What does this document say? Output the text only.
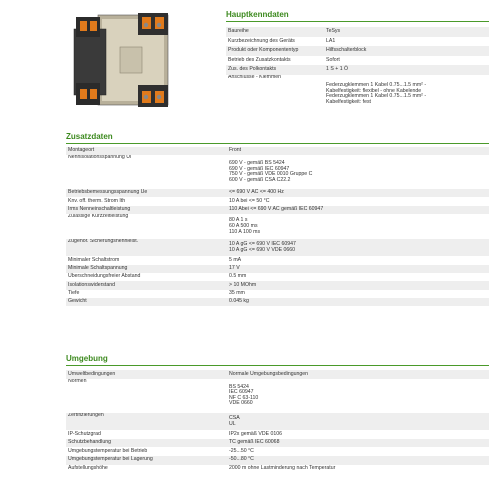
Hauptkenndaten
Baureihe	TeSys

Kurzbezeichnung des Geräts	LA1

Produkt oder Komponententyp	Hilfsschalterblock

Betrieb des Zusatzkontakts	Sofort

Zus. des Polkontakts	1 S + 1 Ö

Anschlüsse - Klemmen	Federzugklemmen 1 Kabel 0.75...1.5 mm² -
Kabelfestigkeit: flexibel - ohne Kabelende
Federzugklemmen 1 Kabel 0.75...1.5 mm² -
Kabelfestigkeit: fest
Zusatzdaten
Montageort	Front

Nennisolationsspannung Ui	690 V - gemäß BS 5424
690 V - gemäß IEC 60947
750 V - gemäß VDE 0010 Gruppe C
600 V - gemäß CSA C22.2

Betriebsbemessungsspannung Ue	<= 690 V AC <= 400 Hz

Knv. off. therm. Strom Ith	10 A bei <= 50 °C

Irms Nenneinschaltleistung	110 Abei <= 690 V AC gemäß IEC 60947

Zulässige Kurzzeitleistung	80 A 1 s
60 A 500 ms
110 A 100 ms

Zugehör. Sicherungsnennleist.	10 A gG <= 690 V IEC 60947
10 A gG <= 690 V VDE 0660

Minimaler Schaltstrom	5 mA

Minimale Schaltspannung	17 V

Überschneidungsfreier Abstand	0.5 mm

Isolationswiderstand	> 10 MOhm

Tiefe	35 mm

Gewicht	0.045 kg
Umgebung
Umweltbedingungen	Normale Umgebungsbedingungen

Normen	BS 5424
IEC 60947
NF C 63-110
VDE 0660

Zertifizierungen	CSA
UL

IP-Schutzgrad	IP2x gemäß VDE 0106

Schutzbehandlung	TC gemäß IEC 60068

Umgebungstemperatur bei Betrieb	-25...50 °C

Umgebungstemperatur bei Lagerung	-50...80 °C

Aufstellungshöhe	2000 m ohne Lastminderung nach Temperatur
